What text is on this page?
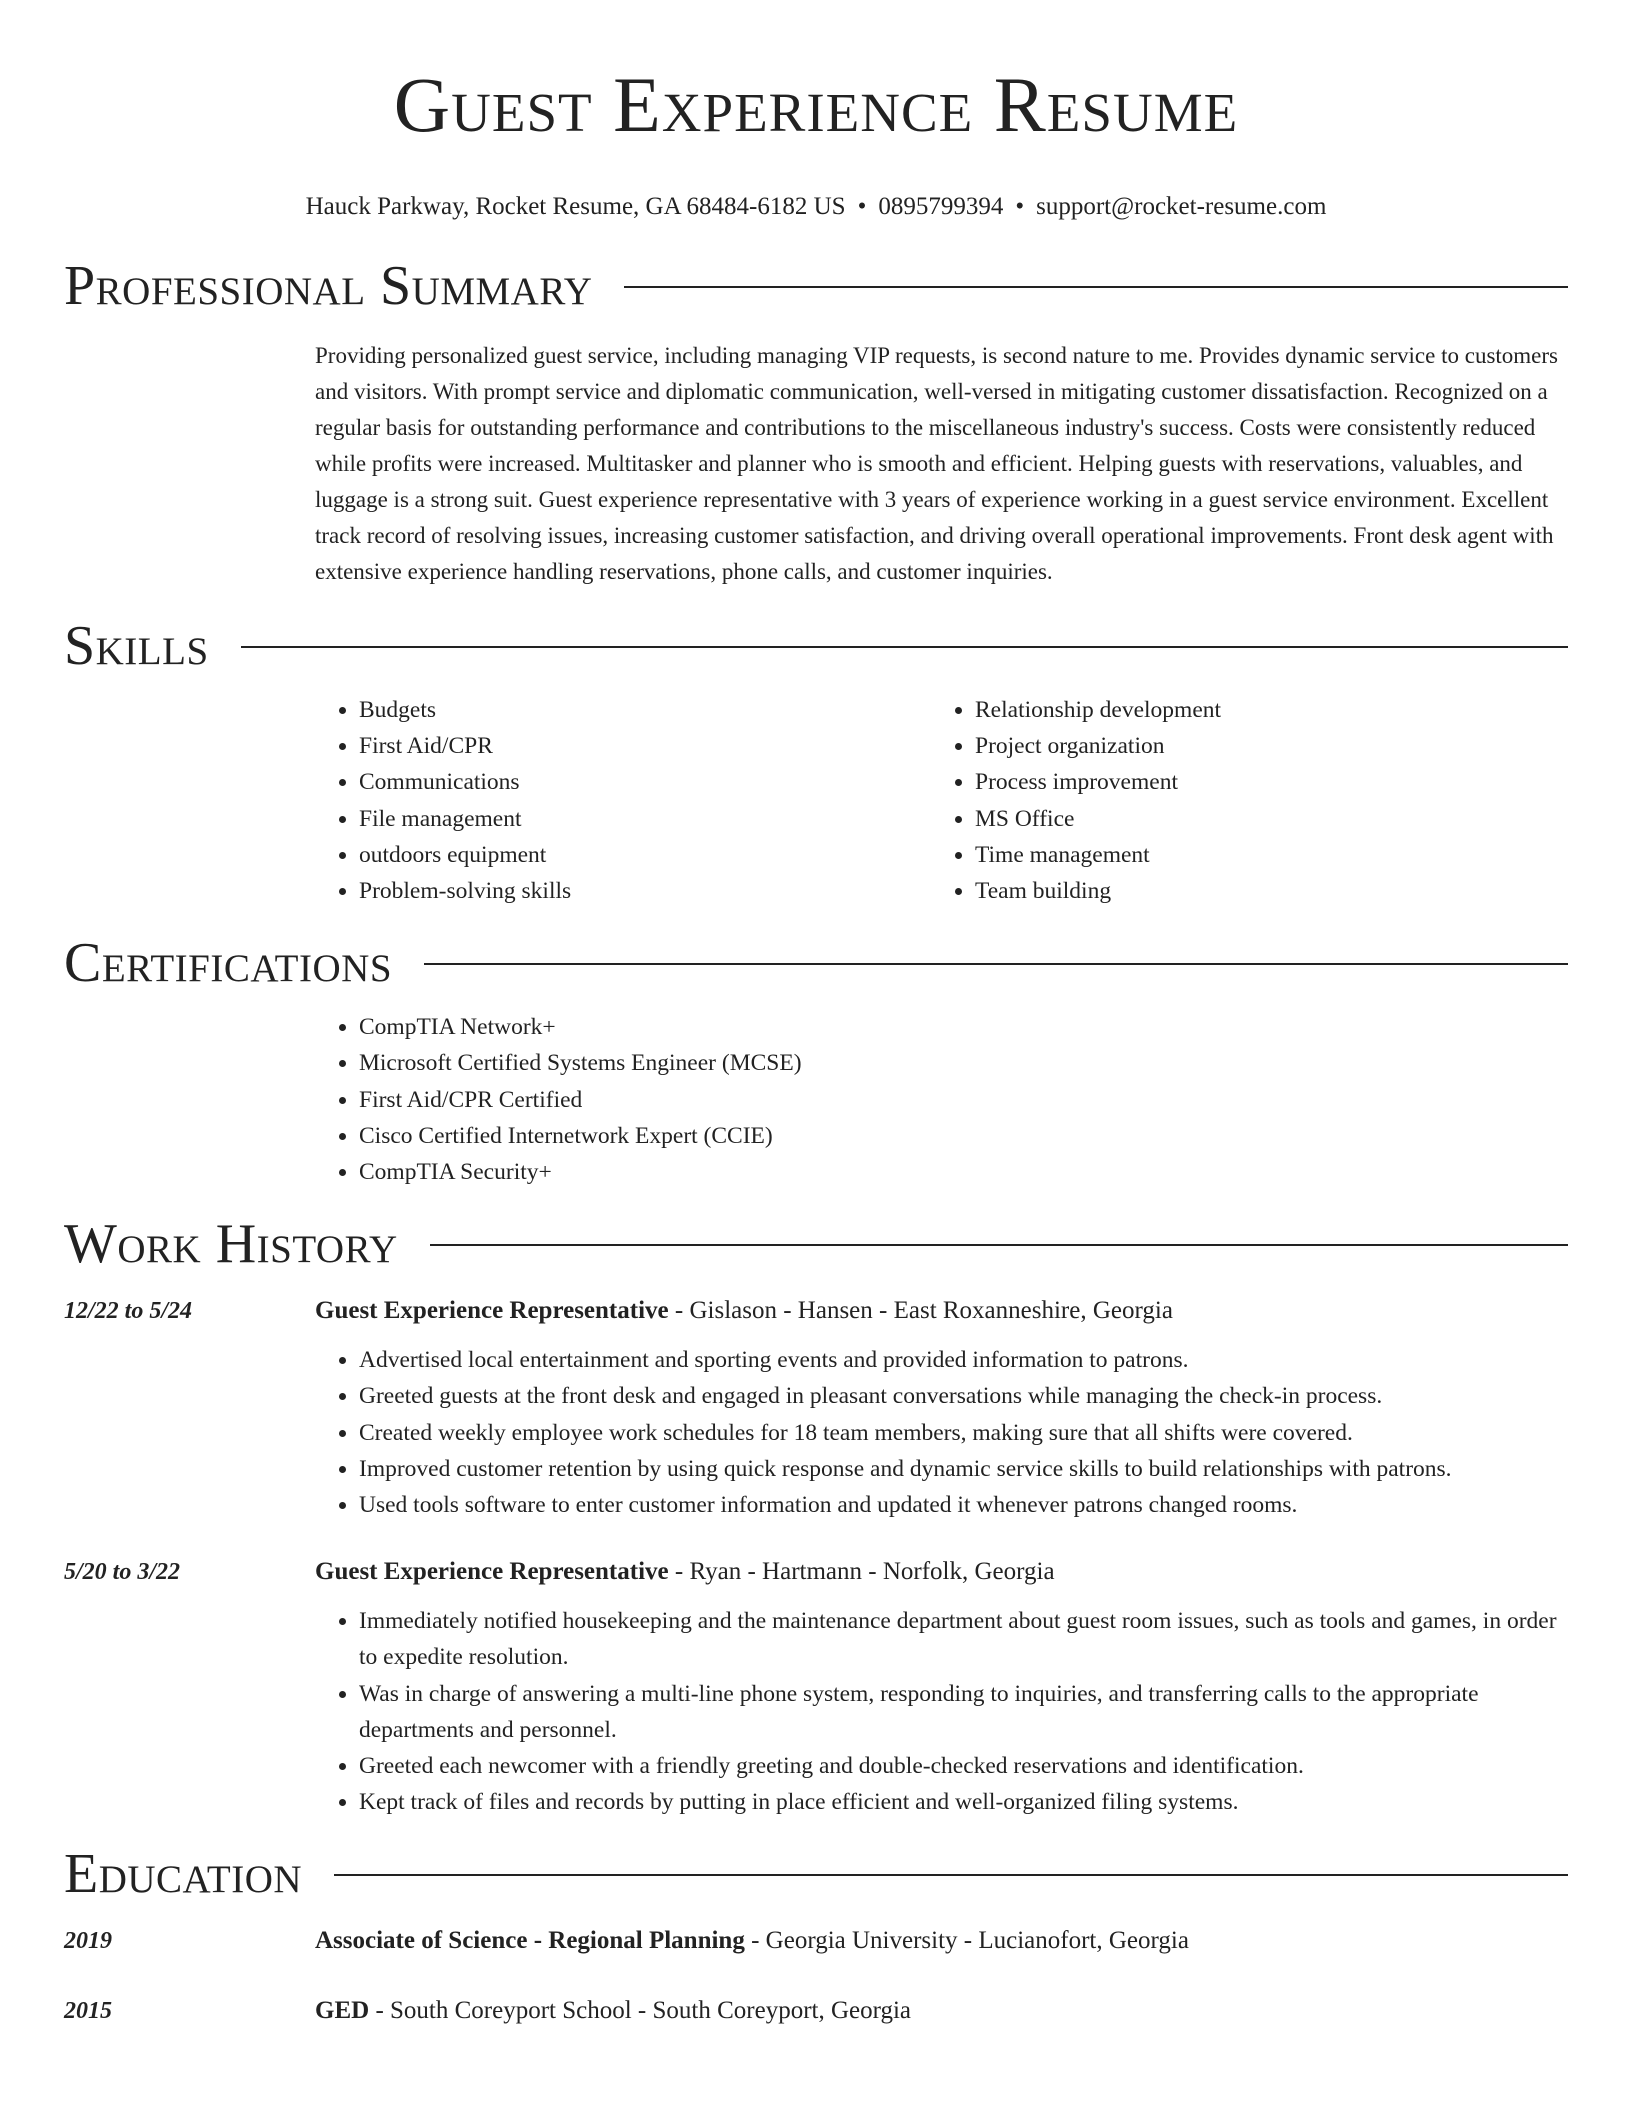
Guest Experience Resume
Hauck Parkway, Rocket Resume, GA 68484-6182 US • 0895799394 • support@rocket-resume.com
Professional Summary

Providing personalized guest service, including managing VIP requests, is second nature to me. Provides dynamic service to customers and visitors. With prompt service and diplomatic communication, well-versed in mitigating customer dissatisfaction. Recognized on a regular basis for outstanding performance and contributions to the miscellaneous industry's success. Costs were consistently reduced while profits were increased. Multitasker and planner who is smooth and efficient. Helping guests with reservations, valuables, and luggage is a strong suit. Guest experience representative with 3 years of experience working in a guest service environment. Excellent track record of resolving issues, increasing customer satisfaction, and driving overall operational improvements. Front desk agent with extensive experience handling reservations, phone calls, and customer inquiries.

Skills
• Budgets
• First Aid/CPR
• Communications
• File management
• outdoors equipment
• Problem-solving skills
• Relationship development
• Project organization
• Process improvement
• MS Office
• Time management
• Team building
Certifications
• CompTIA Network+
• Microsoft Certified Systems Engineer (MCSE)
• First Aid/CPR Certified
• Cisco Certified Internetwork Expert (CCIE)
• CompTIA Security+
Work History
12/22 to 5/24	Guest Experience Representative - Gislason - Hansen - East Roxanneshire, Georgia
• Advertised local entertainment and sporting events and provided information to patrons.
• Greeted guests at the front desk and engaged in pleasant conversations while managing the check-in process.
• Created weekly employee work schedules for 18 team members, making sure that all shifts were covered.
• Improved customer retention by using quick response and dynamic service skills to build relationships with patrons.
• Used tools software to enter customer information and updated it whenever patrons changed rooms.
5/20 to 3/22	Guest Experience Representative - Ryan - Hartmann - Norfolk, Georgia
• Immediately notified housekeeping and the maintenance department about guest room issues, such as tools and games, in order to expedite resolution.
• Was in charge of answering a multi-line phone system, responding to inquiries, and transferring calls to the appropriate departments and personnel.
• Greeted each newcomer with a friendly greeting and double-checked reservations and identification.
• Kept track of files and records by putting in place efficient and well-organized filing systems.
Education
2019	Associate of Science - Regional Planning - Georgia University - Lucianofort, Georgia
2015	GED - South Coreyport School - South Coreyport, Georgia
